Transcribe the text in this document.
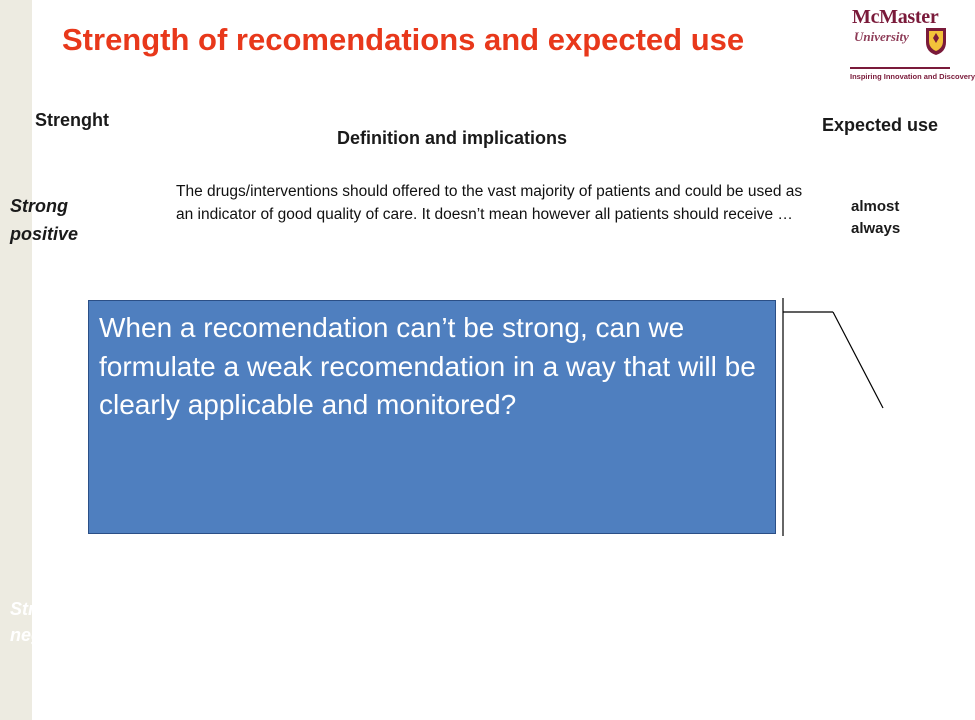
Strength of recomendations and expected use
McMaster
University
Inspiring Innovation and Discovery
Strenght
Definition and implications
Expected use
Strong positive
The drugs/interventions should offered to the vast majority of patients and could be used as an indicator of good quality of care. It doesn’t mean however all patients should receive …	almost always
Strong negative
When a recomendation can’t be strong, can we formulate a weak recomendation in a way that will be clearly applicable and monitored?
